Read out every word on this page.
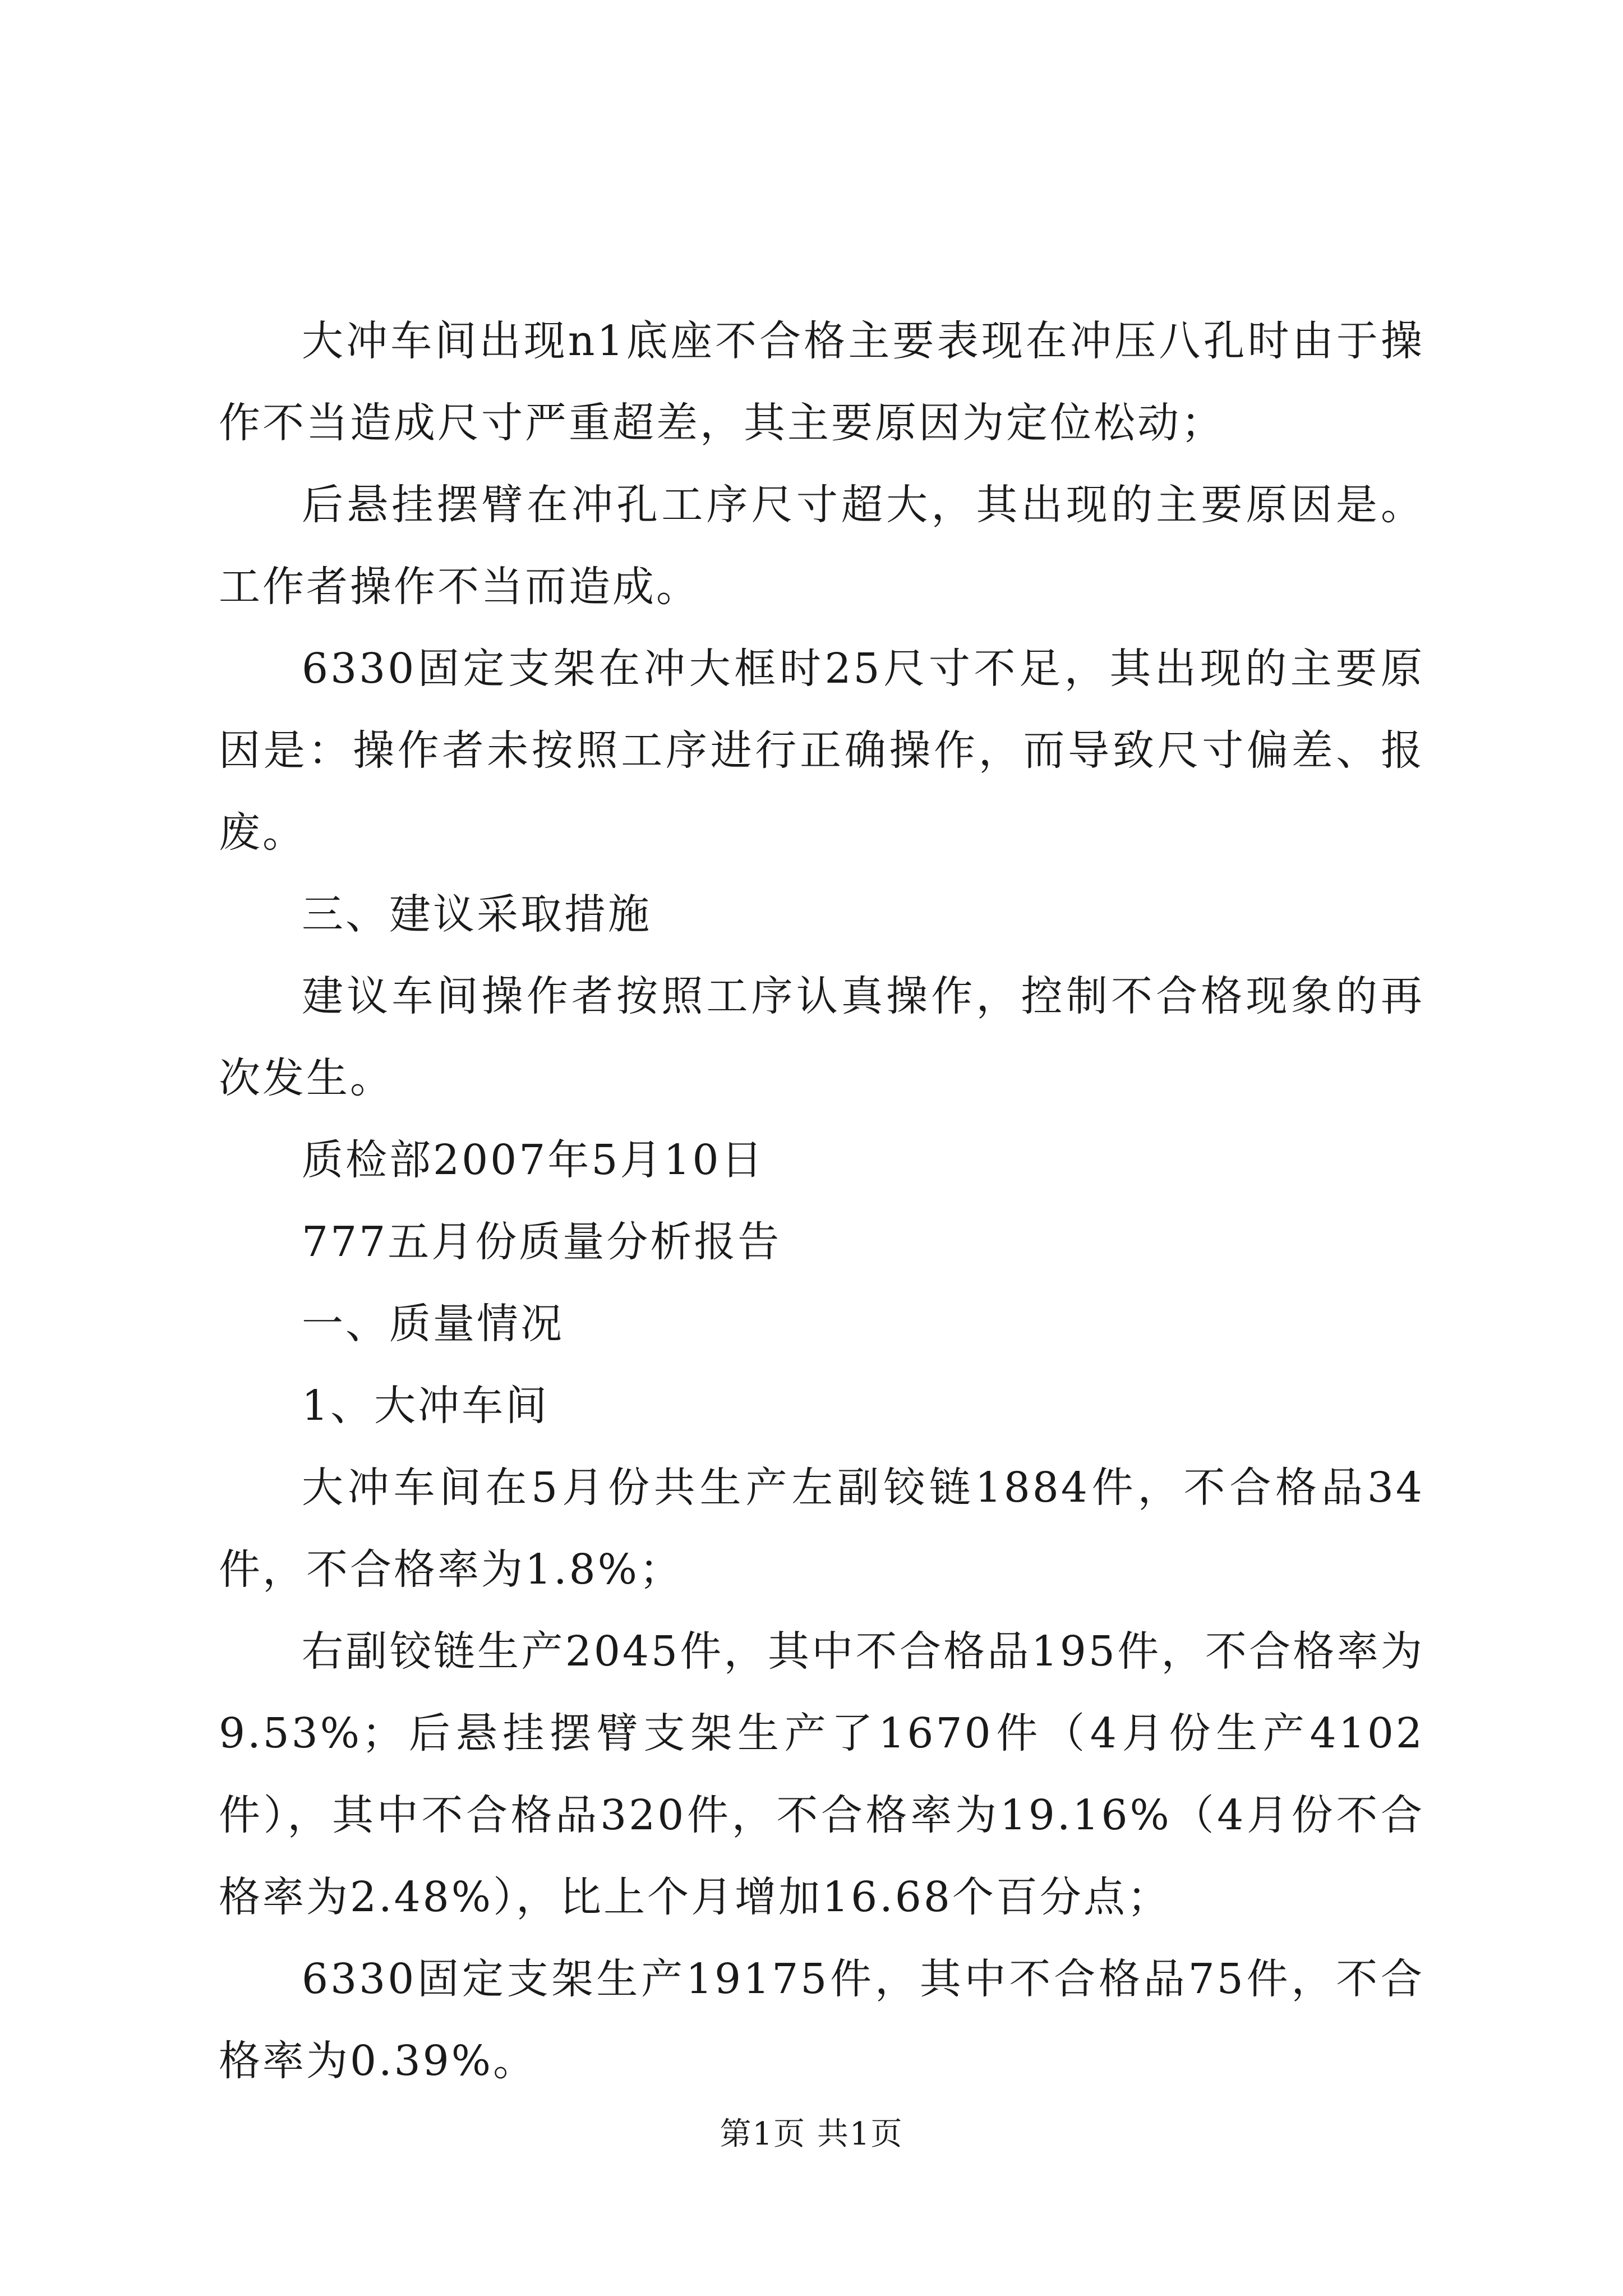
大冲车间出现n1底座不合格主要表现在冲压八孔时由于操作不当造成尺寸严重超差，其主要原因为定位松动；

后悬挂摆臂在冲孔工序尺寸超大，其出现的主要原因是。工作者操作不当而造成。

6330固定支架在冲大框时25尺寸不足，其出现的主要原因是：操作者未按照工序进行正确操作，而导致尺寸偏差、报废。

三、建议采取措施

建议车间操作者按照工序认真操作，控制不合格现象的再次发生。

质检部2007年5月10日

777五月份质量分析报告

一、质量情况

1、大冲车间

大冲车间在5月份共生产左副铰链1884件，不合格品34件，不合格率为1.8%；

右副铰链生产2045件，其中不合格品195件，不合格率为9.53%；后悬挂摆臂支架生产了1670件（4月份生产4102件），其中不合格品320件，不合格率为19.16%（4月份不合格率为2.48%），比上个月增加16.68个百分点；

6330固定支架生产19175件，其中不合格品75件，不合格率为0.39%。

第1页 共1页
